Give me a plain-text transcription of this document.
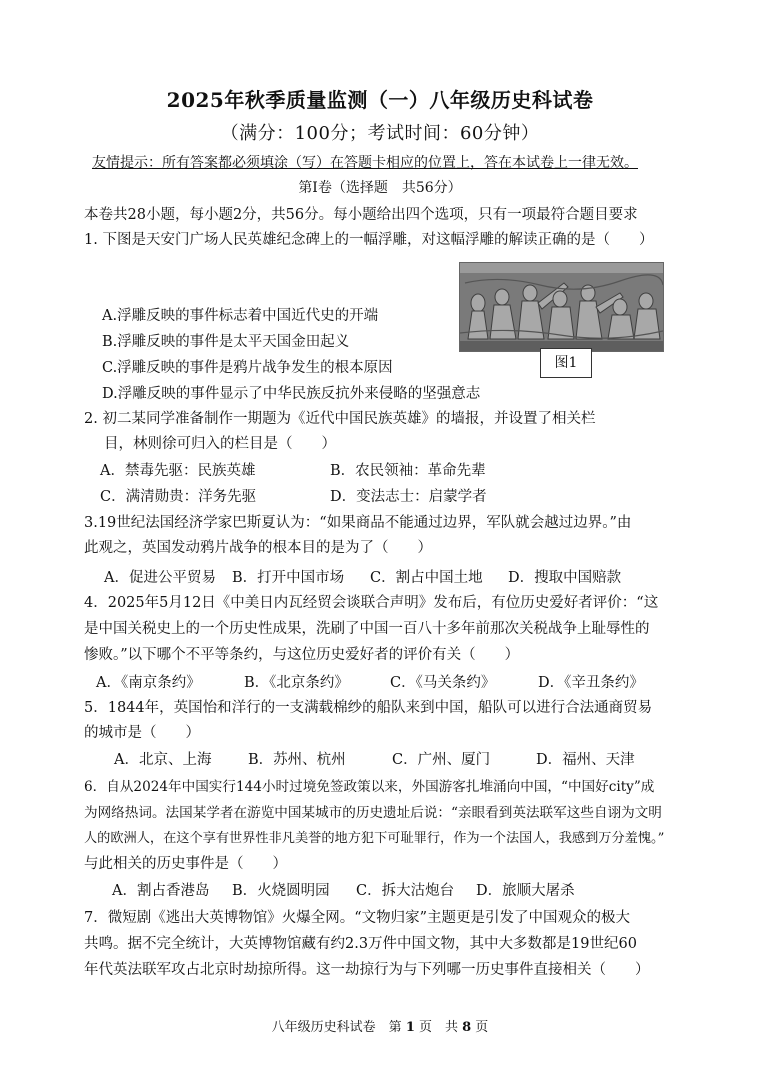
2025年秋季质量监测（一）八年级历史科试卷
（满分：100分；考试时间：60分钟）
友情提示：所有答案都必须填涂（写）在答题卡相应的位置上，答在本试卷上一律无效。
第Ⅰ卷（选择题　共56分）
本卷共28小题，每小题2分，共56分。每小题给出四个选项，只有一项最符合题目要求
1. 下图是天安门广场人民英雄纪念碑上的一幅浮雕，对这幅浮雕的解读正确的是（　　）
图1
A.浮雕反映的事件标志着中国近代史的开端
B.浮雕反映的事件是太平天国金田起义
C.浮雕反映的事件是鸦片战争发生的根本原因
D.浮雕反映的事件显示了中华民族反抗外来侵略的坚强意志
2. 初二某同学准备制作一期题为《近代中国民族英雄》的墙报，并设置了相关栏
目，林则徐可归入的栏目是（　　）
A．禁毒先驱：民族英雄	B．农民领袖：革命先辈
C．满清勋贵：洋务先驱	D．变法志士：启蒙学者
3.19世纪法国经济学家巴斯夏认为：“如果商品不能通过边界，军队就会越过边界。”由
此观之，英国发动鸦片战争的根本目的是为了（　　）
A．促进公平贸易 B．打开中国市场 C．割占中国土地 D．搜取中国赔款
4．2025年5月12日《中美日内瓦经贸会谈联合声明》发布后，有位历史爱好者评价：“这
是中国关税史上的一个历史性成果，洗刷了中国一百八十多年前那次关税战争上耻辱性的
惨败。”以下哪个不平等条约，与这位历史爱好者的评价有关（　　）
A．《南京条约》	B．《北京条约》	C．《马关条约》	D．《辛丑条约》
5．1844年，英国怡和洋行的一支满载棉纱的船队来到中国，船队可以进行合法通商贸易
的城市是（　　）
A．北京、上海	B．苏州、杭州	C．广州、厦门	D．福州、天津
6．自从2024年中国实行144小时过境免签政策以来，外国游客扎堆涌向中国，“中国好city”成
为网络热词。法国某学者在游览中国某城市的历史遗址后说：“亲眼看到英法联军这些自诩为文明
人的欧洲人，在这个享有世界性非凡美誉的地方犯下可耻罪行，作为一个法国人，我感到万分羞愧。”
与此相关的历史事件是（　　）
A．割占香港岛 B．火烧圆明园 C．拆大沽炮台 D．旅顺大屠杀
7．微短剧《逃出大英博物馆》火爆全网。“文物归家”主题更是引发了中国观众的极大
共鸣。据不完全统计，大英博物馆藏有约2.3万件中国文物，其中大多数都是19世纪60
年代英法联军攻占北京时劫掠所得。这一劫掠行为与下列哪一历史事件直接相关（　　）
八年级历史科试卷　第 1 页　共 8 页
